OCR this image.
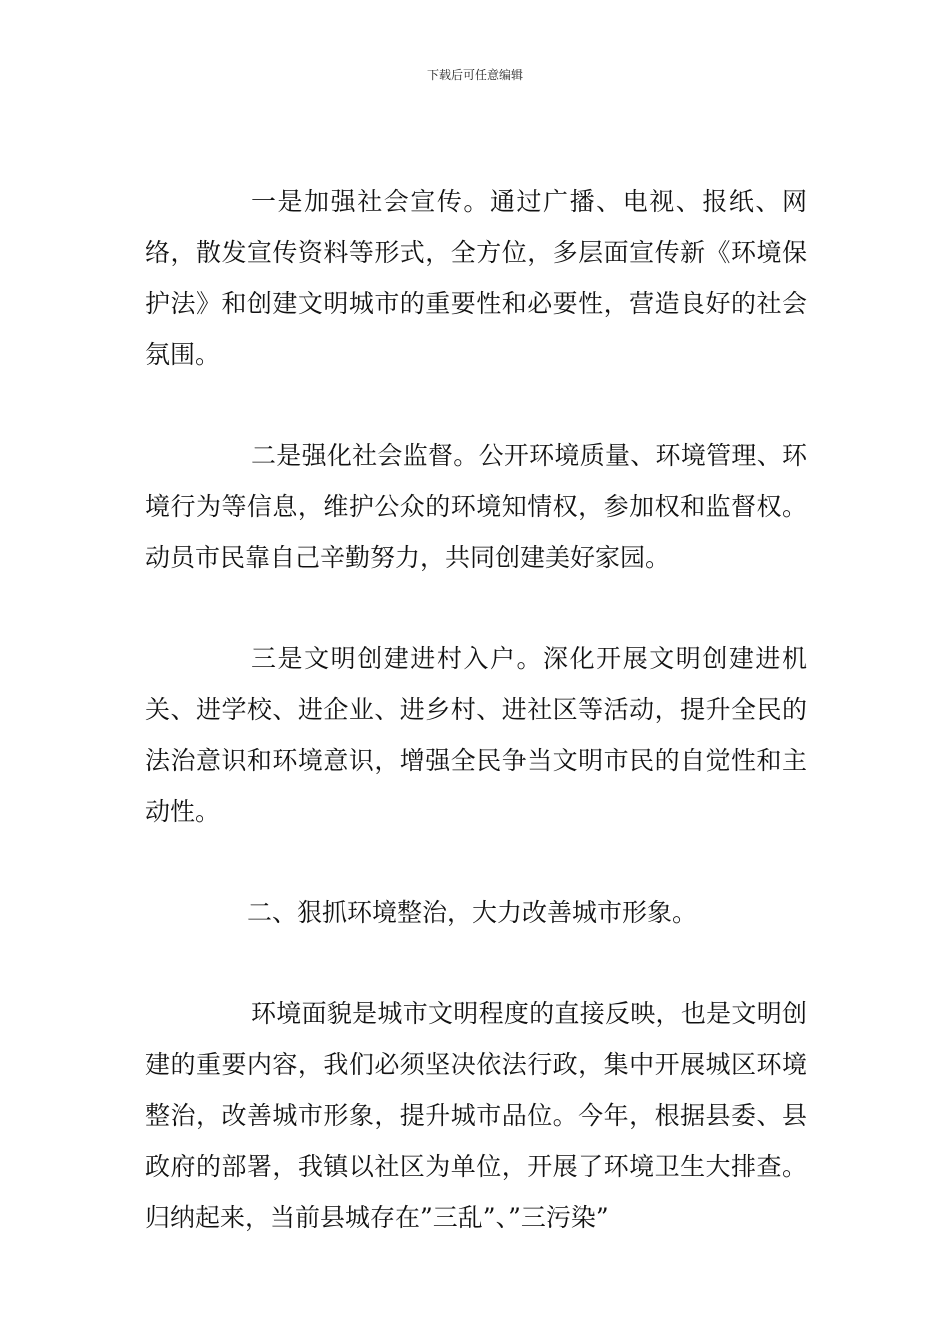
下载后可任意编辑

一是加强社会宣传。通过广播、电视、报纸、网络，散发宣传资料等形式，全方位，多层面宣传新《环境保护法》和创建文明城市的重要性和必要性，营造良好的社会氛围。

二是强化社会监督。公开环境质量、环境管理、环境行为等信息，维护公众的环境知情权，参加权和监督权。动员市民靠自己辛勤努力，共同创建美好家园。

三是文明创建进村入户。深化开展文明创建进机关、进学校、进企业、进乡村、进社区等活动，提升全民的法治意识和环境意识，增强全民争当文明市民的自觉性和主动性。

二、狠抓环境整治，大力改善城市形象。

环境面貌是城市文明程度的直接反映，也是文明创建的重要内容，我们必须坚决依法行政，集中开展城区环境整治，改善城市形象，提升城市品位。今年，根据县委、县政府的部署，我镇以社区为单位，开展了环境卫生大排查。归纳起来，当前县城存在”三乱”、”三污染”
